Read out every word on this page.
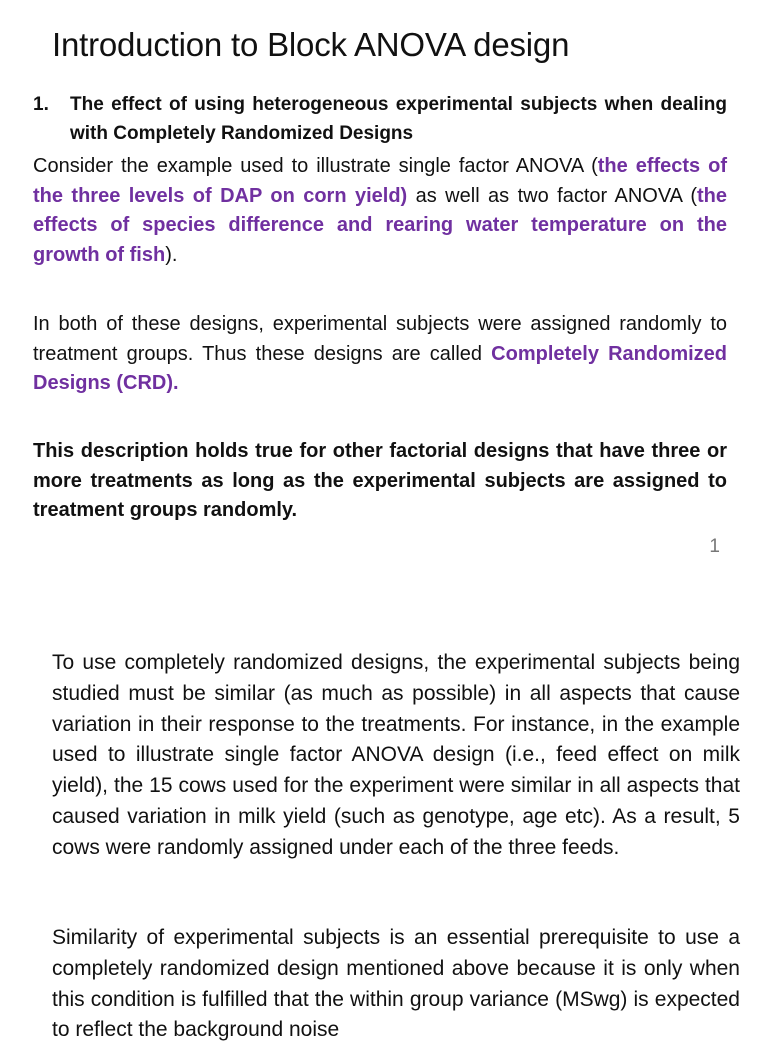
Introduction to Block ANOVA design
1. The effect of using heterogeneous experimental subjects when dealing with Completely Randomized Designs
Consider the example used to illustrate single factor ANOVA (the effects of the three levels of DAP on corn yield) as well as two factor ANOVA (the effects of species difference and rearing water temperature on the growth of fish).
In both of these designs, experimental subjects were assigned randomly to treatment groups. Thus these designs are called Completely Randomized Designs (CRD).
This description holds true for other factorial designs that have three or more treatments as long as the experimental subjects are assigned to treatment groups randomly.
1
To use completely randomized designs, the experimental subjects being studied must be similar (as much as possible) in all aspects that cause variation in their response to the treatments. For instance, in the example used to illustrate single factor ANOVA design (i.e., feed effect on milk yield), the 15 cows used for the experiment were similar in all aspects that caused variation in milk yield (such as genotype, age etc). As a result, 5 cows were randomly assigned under each of the three feeds.
Similarity of experimental subjects is an essential prerequisite to use a completely randomized design mentioned above because it is only when this condition is fulfilled that the within group variance (MSwg) is expected to reflect the background noise
